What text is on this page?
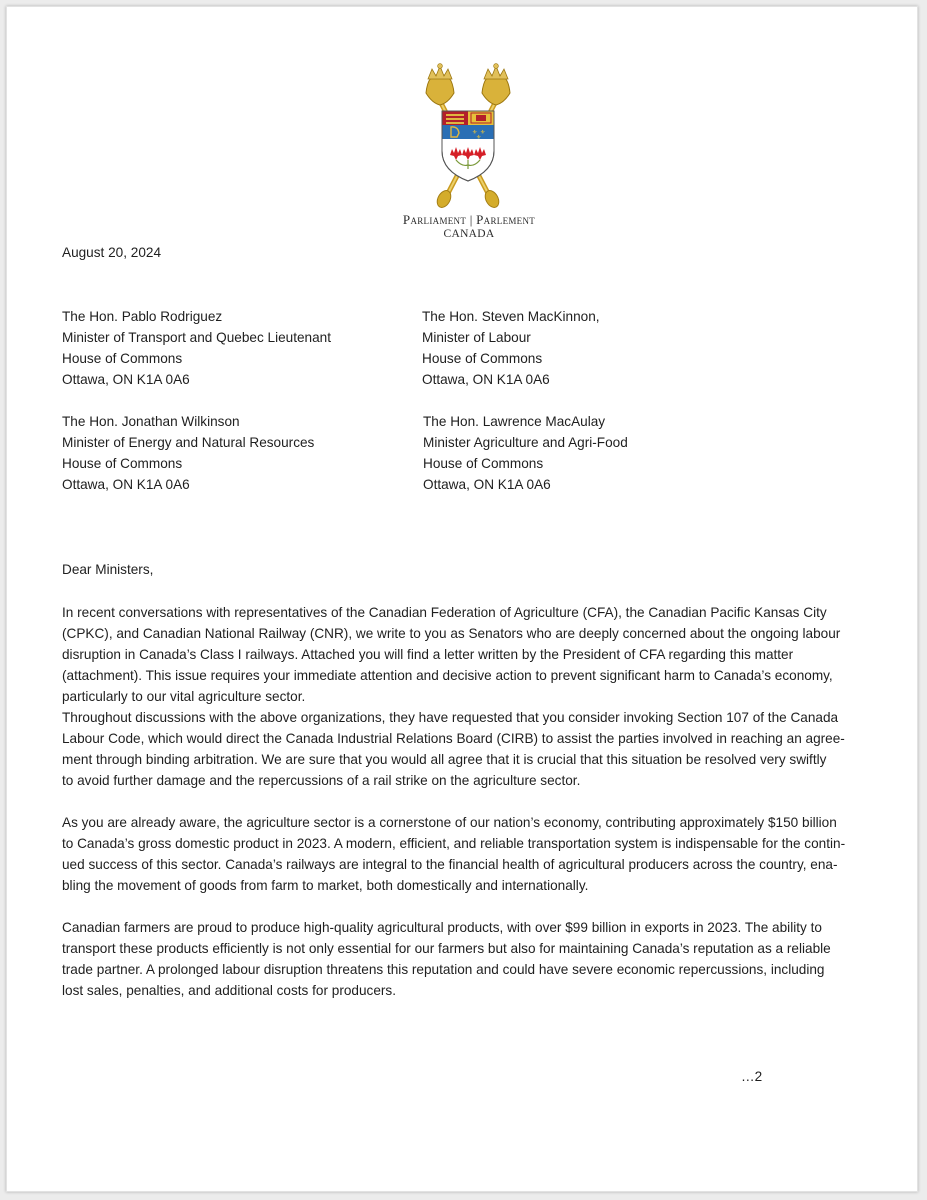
⚜ ⚜
⚜
Parliament | Parlement
CANADA
August 20, 2024
The Hon. Pablo Rodriguez
Minister of Transport and Quebec Lieutenant
House of Commons
Ottawa, ON K1A 0A6
The Hon. Steven MacKinnon,
Minister of Labour
House of Commons
Ottawa, ON K1A 0A6
The Hon. Jonathan Wilkinson
Minister of Energy and Natural Resources
House of Commons
Ottawa, ON K1A 0A6
The Hon. Lawrence MacAulay
Minister Agriculture and Agri-Food
House of Commons
Ottawa, ON K1A 0A6
Dear Ministers,
In recent conversations with representatives of the Canadian Federation of Agriculture (CFA), the Canadian Pacific Kansas City
(CPKC), and Canadian National Railway (CNR), we write to you as Senators who are deeply concerned about the ongoing labour
disruption in Canada’s Class I railways. Attached you will find a letter written by the President of CFA regarding this matter
(attachment). This issue requires your immediate attention and decisive action to prevent significant harm to Canada’s economy,
particularly to our vital agriculture sector.
Throughout discussions with the above organizations, they have requested that you consider invoking Section 107 of the Canada
Labour Code, which would direct the Canada Industrial Relations Board (CIRB) to assist the parties involved in reaching an agree-
ment through binding arbitration. We are sure that you would all agree that it is crucial that this situation be resolved very swiftly
to avoid further damage and the repercussions of a rail strike on the agriculture sector.
As you are already aware, the agriculture sector is a cornerstone of our nation’s economy, contributing approximately $150 billion
to Canada’s gross domestic product in 2023. A modern, efficient, and reliable transportation system is indispensable for the contin-
ued success of this sector. Canada’s railways are integral to the financial health of agricultural producers across the country, ena-
bling the movement of goods from farm to market, both domestically and internationally.
Canadian farmers are proud to produce high-quality agricultural products, with over $99 billion in exports in 2023. The ability to
transport these products efficiently is not only essential for our farmers but also for maintaining Canada’s reputation as a reliable
trade partner. A prolonged labour disruption threatens this reputation and could have severe economic repercussions, including
lost sales, penalties, and additional costs for producers.
…2
